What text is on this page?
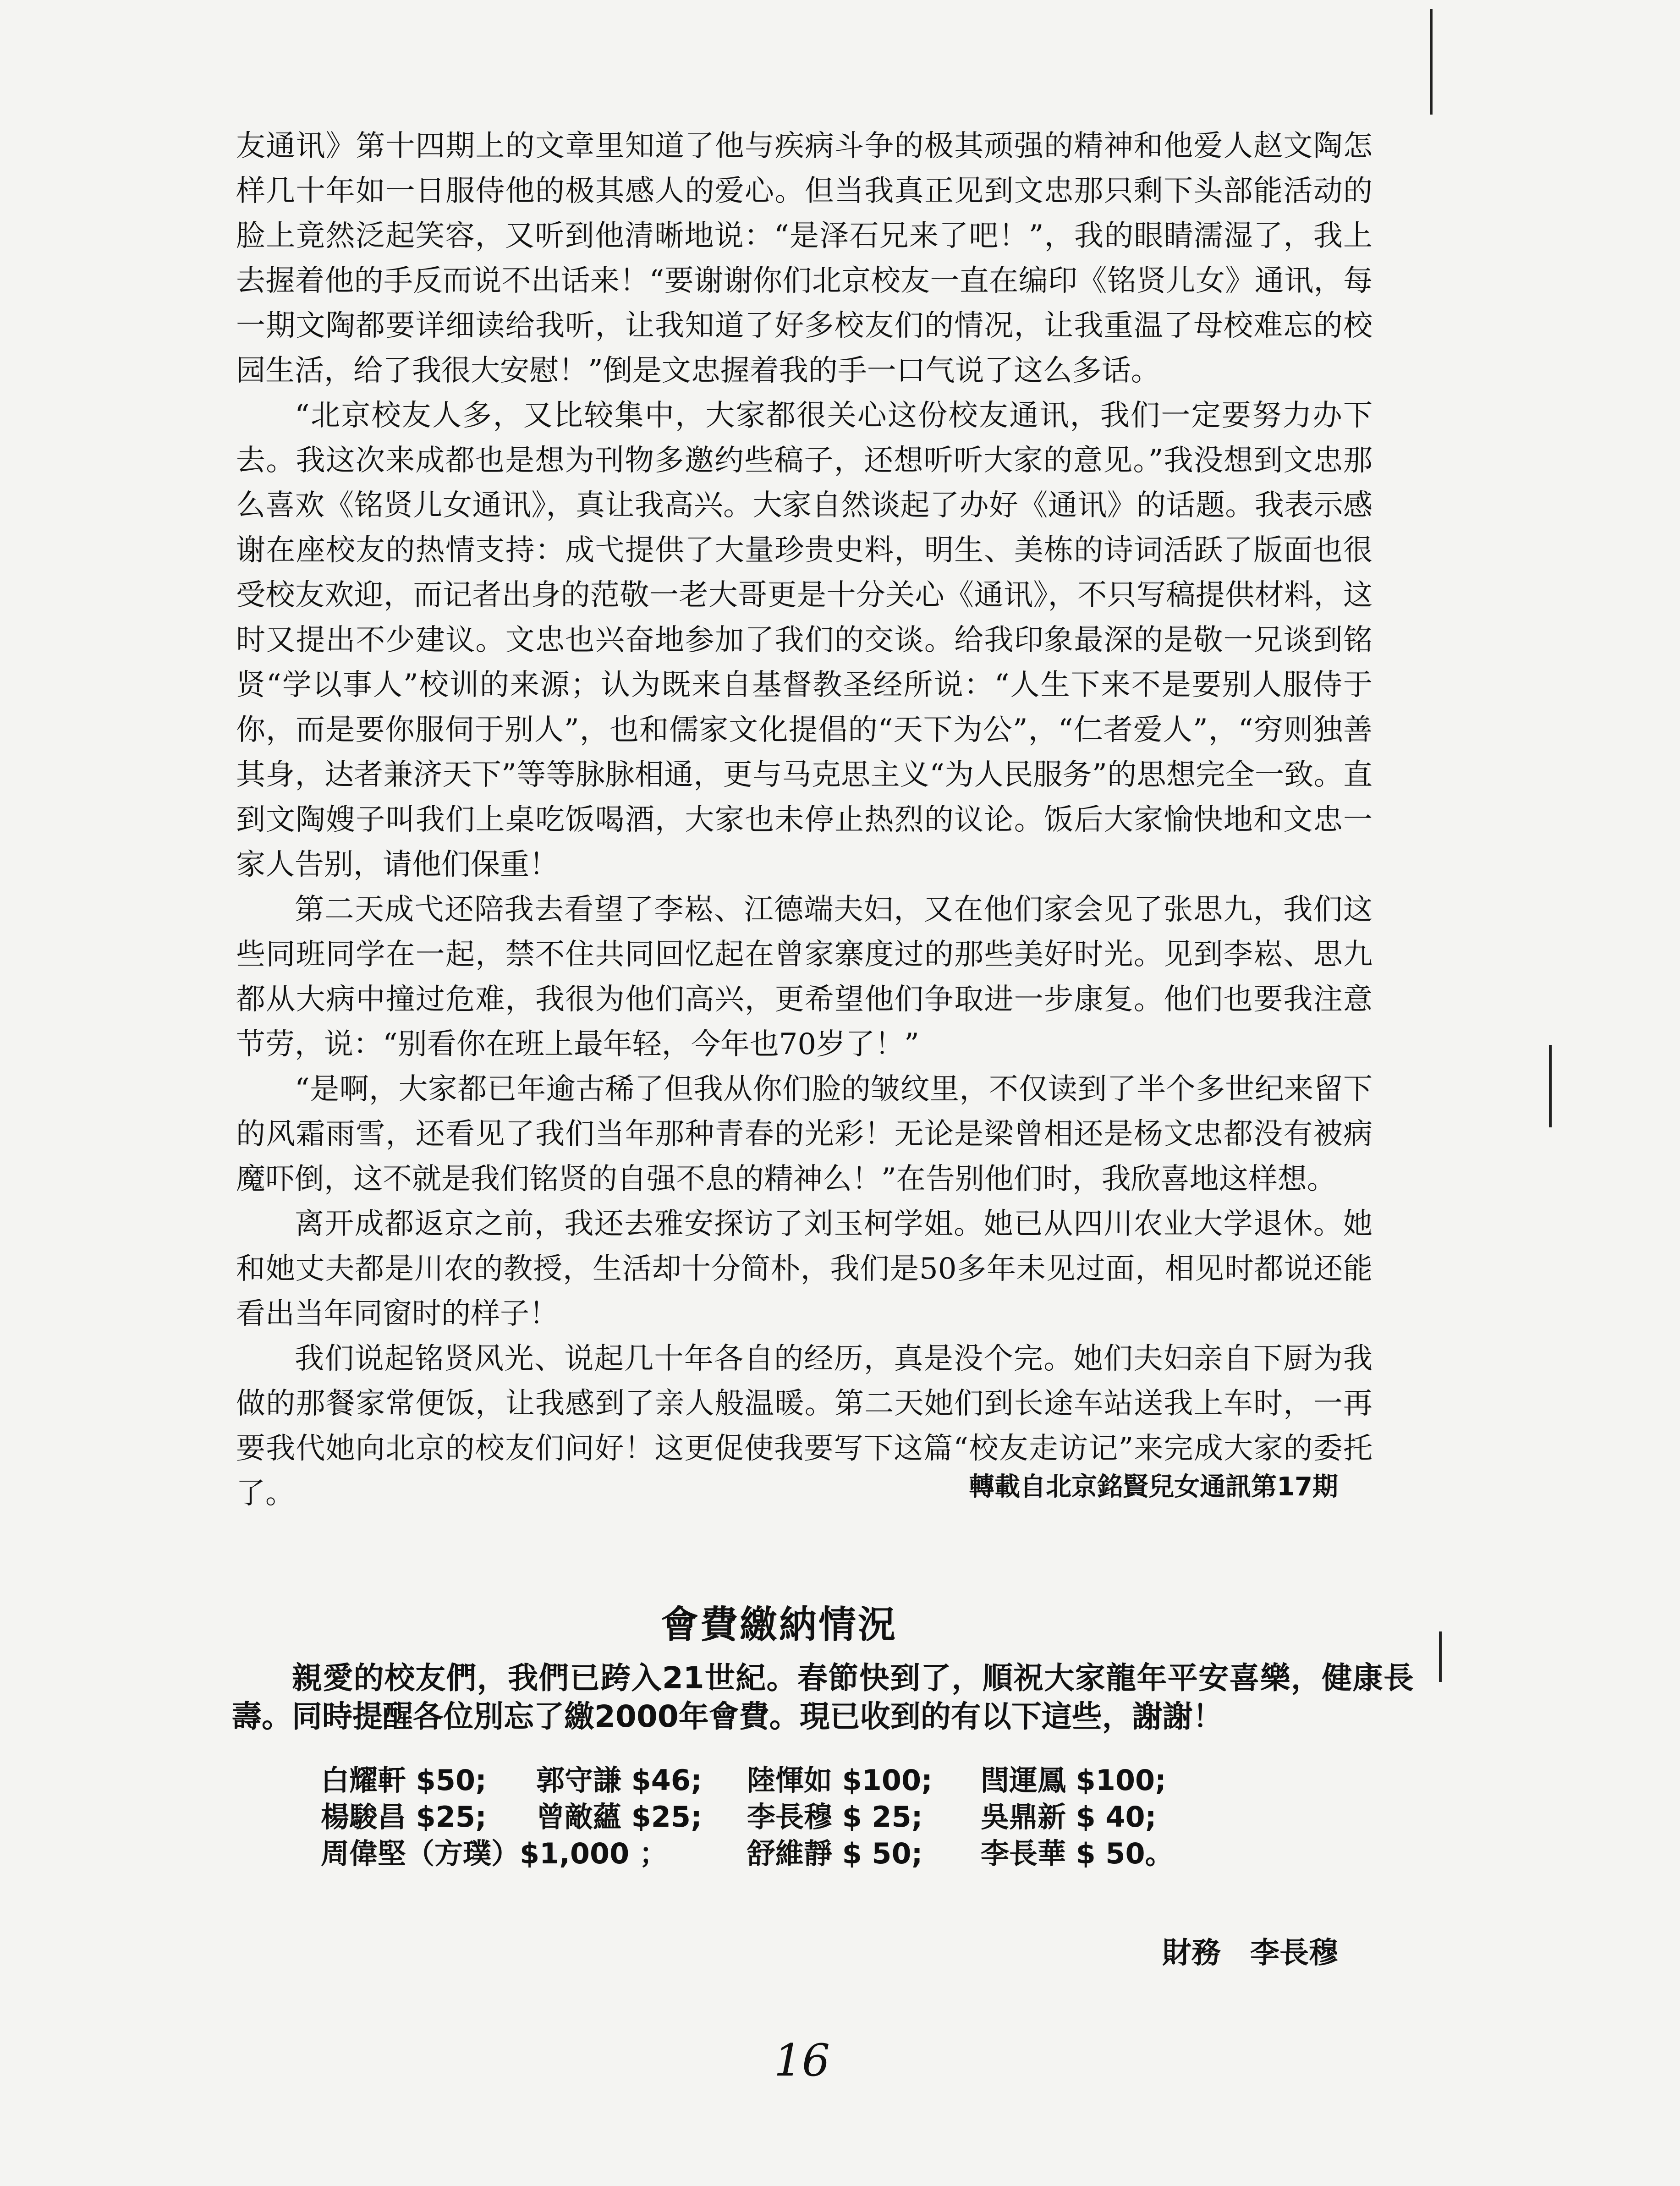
友通讯》第十四期上的文章里知道了他与疾病斗争的极其顽强的精神和他爱人赵文陶怎样几十年如一日服侍他的极其感人的爱心。但当我真正见到文忠那只剩下头部能活动的脸上竟然泛起笑容，又听到他清晰地说：“是泽石兄来了吧！”，我的眼睛濡湿了，我上去握着他的手反而说不出话来！“要谢谢你们北京校友一直在编印《铭贤儿女》通讯，每一期文陶都要详细读给我听，让我知道了好多校友们的情况，让我重温了母校难忘的校园生活，给了我很大安慰！”倒是文忠握着我的手一口气说了这么多话。

“北京校友人多，又比较集中，大家都很关心这份校友通讯，我们一定要努力办下去。我这次来成都也是想为刊物多邀约些稿子，还想听听大家的意见。”我没想到文忠那么喜欢《铭贤儿女通讯》，真让我高兴。大家自然谈起了办好《通讯》的话题。我表示感谢在座校友的热情支持：成弋提供了大量珍贵史料，明生、美栋的诗词活跃了版面也很受校友欢迎，而记者出身的范敬一老大哥更是十分关心《通讯》，不只写稿提供材料，这时又提出不少建议。文忠也兴奋地参加了我们的交谈。给我印象最深的是敬一兄谈到铭贤“学以事人”校训的来源；认为既来自基督教圣经所说：“人生下来不是要别人服侍于你，而是要你服伺于别人”，也和儒家文化提倡的“天下为公”，“仁者爱人”，“穷则独善其身，达者兼济天下”等等脉脉相通，更与马克思主义“为人民服务”的思想完全一致。直到文陶嫂子叫我们上桌吃饭喝酒，大家也未停止热烈的议论。饭后大家愉快地和文忠一家人告别，请他们保重！

第二天成弋还陪我去看望了李崧、江德端夫妇，又在他们家会见了张思九，我们这些同班同学在一起，禁不住共同回忆起在曾家寨度过的那些美好时光。见到李崧、思九都从大病中撞过危难，我很为他们高兴，更希望他们争取进一步康复。他们也要我注意节劳，说：“别看你在班上最年轻，今年也70岁了！”

“是啊，大家都已年逾古稀了但我从你们脸的皱纹里，不仅读到了半个多世纪来留下的风霜雨雪，还看见了我们当年那种青春的光彩！无论是梁曾相还是杨文忠都没有被病魔吓倒，这不就是我们铭贤的自强不息的精神么！”在告别他们时，我欣喜地这样想。

离开成都返京之前，我还去雅安探访了刘玉柯学姐。她已从四川农业大学退休。她和她丈夫都是川农的教授，生活却十分简朴，我们是50多年未见过面，相见时都说还能看出当年同窗时的样子！

我们说起铭贤风光、说起几十年各自的经历，真是没个完。她们夫妇亲自下厨为我做的那餐家常便饭，让我感到了亲人般温暖。第二天她们到长途车站送我上车时，一再要我代她向北京的校友们问好！这更促使我要写下这篇“校友走访记”来完成大家的委托了。	轉載自北京銘賢兒女通訊第17期
會費繳納情況
親愛的校友們，我們已跨入21世紀。春節快到了，順祝大家龍年平安喜樂，健康長壽。同時提醒各位別忘了繳2000年會費。現已收到的有以下這些，謝謝！
白耀軒 $50; 郭守謙 $46; 陸惲如 $100; 閆運鳳 $100;
楊駿昌 $25; 曾敵蘊 $25; 李長穆 $ 25; 吳鼎新 $ 40;
周偉堅（方璞）$1,000 ；	舒維靜 $ 50; 李長華 $ 50。
財務　李長穆
16
